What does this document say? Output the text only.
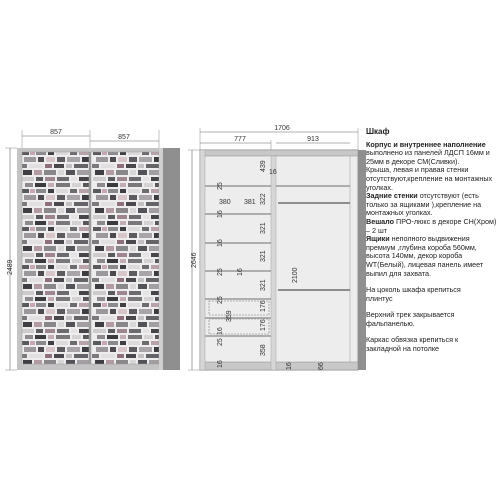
857
857
2489
1706
777	913
2646
439
16
25
380 381 322
16
321
16
321
2100
25 16
321
25
359
176
16
176
25
358
16
16	66
Шкаф

Корпус и внутреннее наполнение

выполнено из панелей ЛДСП 16мм и
25мм в декоре СМ(Сливки).
Крыша, левая и правая стенки
отсутствуют,крепление на монтажных
уголках.
Задние стенки отсутствуют (есть
только за ящиками ),крепление на
монтажных уголках.
Вешало ПРО-люкс в декоре СН(Хром)
– 2 шт
Ящики неполного выдвижения
премиум ,глубина короба 560мм,
высота 140мм, декор короба
WT(Белый), лицевая панель имеет
выпил для захвата.

На цоколь шкафа крепиться
плинтус

Верхний трек закрывается
фальпанелью.

Каркас обвязка крепиться к
закладной на потолке
